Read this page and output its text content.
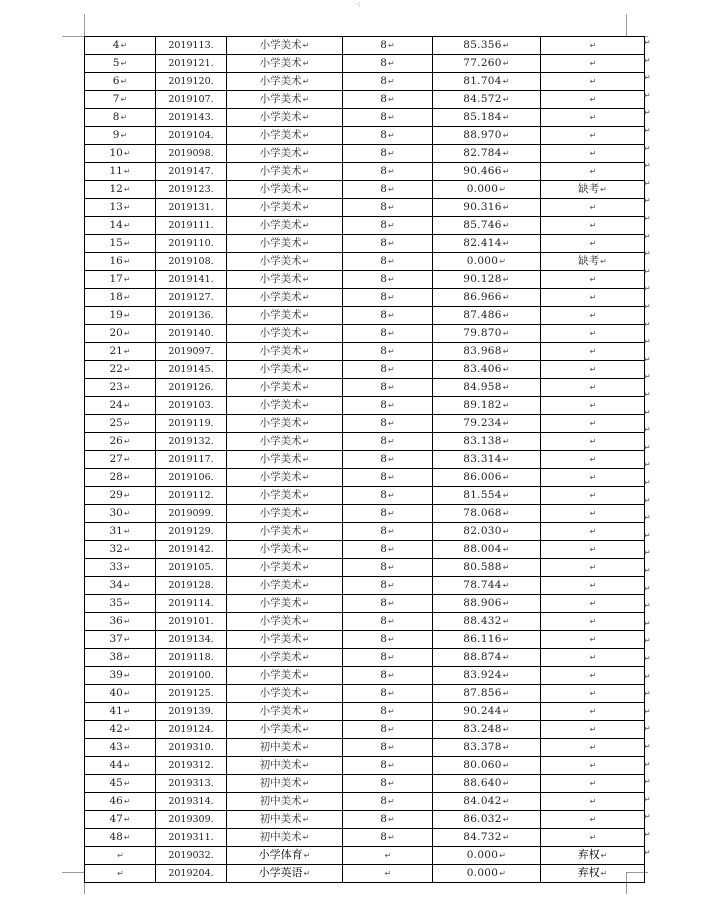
·:
4↵	2019113.	小学美术↵	8↵	85.356↵	↵
5↵	2019121.	小学美术↵	8↵	77.260↵	↵
6↵	2019120.	小学美术↵	8↵	81.704↵	↵
7↵	2019107.	小学美术↵	8↵	84.572↵	↵
8↵	2019143.	小学美术↵	8↵	85.184↵	↵
9↵	2019104.	小学美术↵	8↵	88.970↵	↵
10↵	2019098.	小学美术↵	8↵	82.784↵	↵
11↵	2019147.	小学美术↵	8↵	90.466↵	↵
12↵	2019123.	小学美术↵	8↵	0.000↵	缺考↵
13↵	2019131.	小学美术↵	8↵	90.316↵	↵
14↵	2019111.	小学美术↵	8↵	85.746↵	↵
15↵	2019110.	小学美术↵	8↵	82.414↵	↵
16↵	2019108.	小学美术↵	8↵	0.000↵	缺考↵
17↵	2019141.	小学美术↵	8↵	90.128↵	↵
18↵	2019127.	小学美术↵	8↵	86.966↵	↵
19↵	2019136.	小学美术↵	8↵	87.486↵	↵
20↵	2019140.	小学美术↵	8↵	79.870↵	↵
21↵	2019097.	小学美术↵	8↵	83.968↵	↵
22↵	2019145.	小学美术↵	8↵	83.406↵	↵
23↵	2019126.	小学美术↵	8↵	84.958↵	↵
24↵	2019103.	小学美术↵	8↵	89.182↵	↵
25↵	2019119.	小学美术↵	8↵	79.234↵	↵
26↵	2019132.	小学美术↵	8↵	83.138↵	↵
27↵	2019117.	小学美术↵	8↵	83.314↵	↵
28↵	2019106.	小学美术↵	8↵	86.006↵	↵
29↵	2019112.	小学美术↵	8↵	81.554↵	↵
30↵	2019099.	小学美术↵	8↵	78.068↵	↵
31↵	2019129.	小学美术↵	8↵	82.030↵	↵
32↵	2019142.	小学美术↵	8↵	88.004↵	↵
33↵	2019105.	小学美术↵	8↵	80.588↵	↵
34↵	2019128.	小学美术↵	8↵	78.744↵	↵
35↵	2019114.	小学美术↵	8↵	88.906↵	↵
36↵	2019101.	小学美术↵	8↵	88.432↵	↵
37↵	2019134.	小学美术↵	8↵	86.116↵	↵
38↵	2019118.	小学美术↵	8↵	88.874↵	↵
39↵	2019100.	小学美术↵	8↵	83.924↵	↵
40↵	2019125.	小学美术↵	8↵	87.856↵	↵
41↵	2019139.	小学美术↵	8↵	90.244↵	↵
42↵	2019124.	小学美术↵	8↵	83.248↵	↵
43↵	2019310.	初中美术↵	8↵	83.378↵	↵
44↵	2019312.	初中美术↵	8↵	80.060↵	↵
45↵	2019313.	初中美术↵	8↵	88.640↵	↵
46↵	2019314.	初中美术↵	8↵	84.042↵	↵
47↵	2019309.	初中美术↵	8↵	86.032↵	↵
48↵	2019311.	初中美术↵	8↵	84.732↵	↵
↵	2019032.	小学体育↵	↵	0.000↵	弃权↵
↵	2019204.	小学英语↵	↵	0.000↵	弃权↵
↵
↵
↵
↵
↵
↵
↵
↵
↵
↵
↵
↵
↵
↵
↵
↵
↵
↵
↵
↵
↵
↵
↵
↵
↵
↵
↵
↵
↵
↵
↵
↵
↵
↵
↵
↵
↵
↵
↵
↵
↵
↵
↵
↵
↵
↵
↵
